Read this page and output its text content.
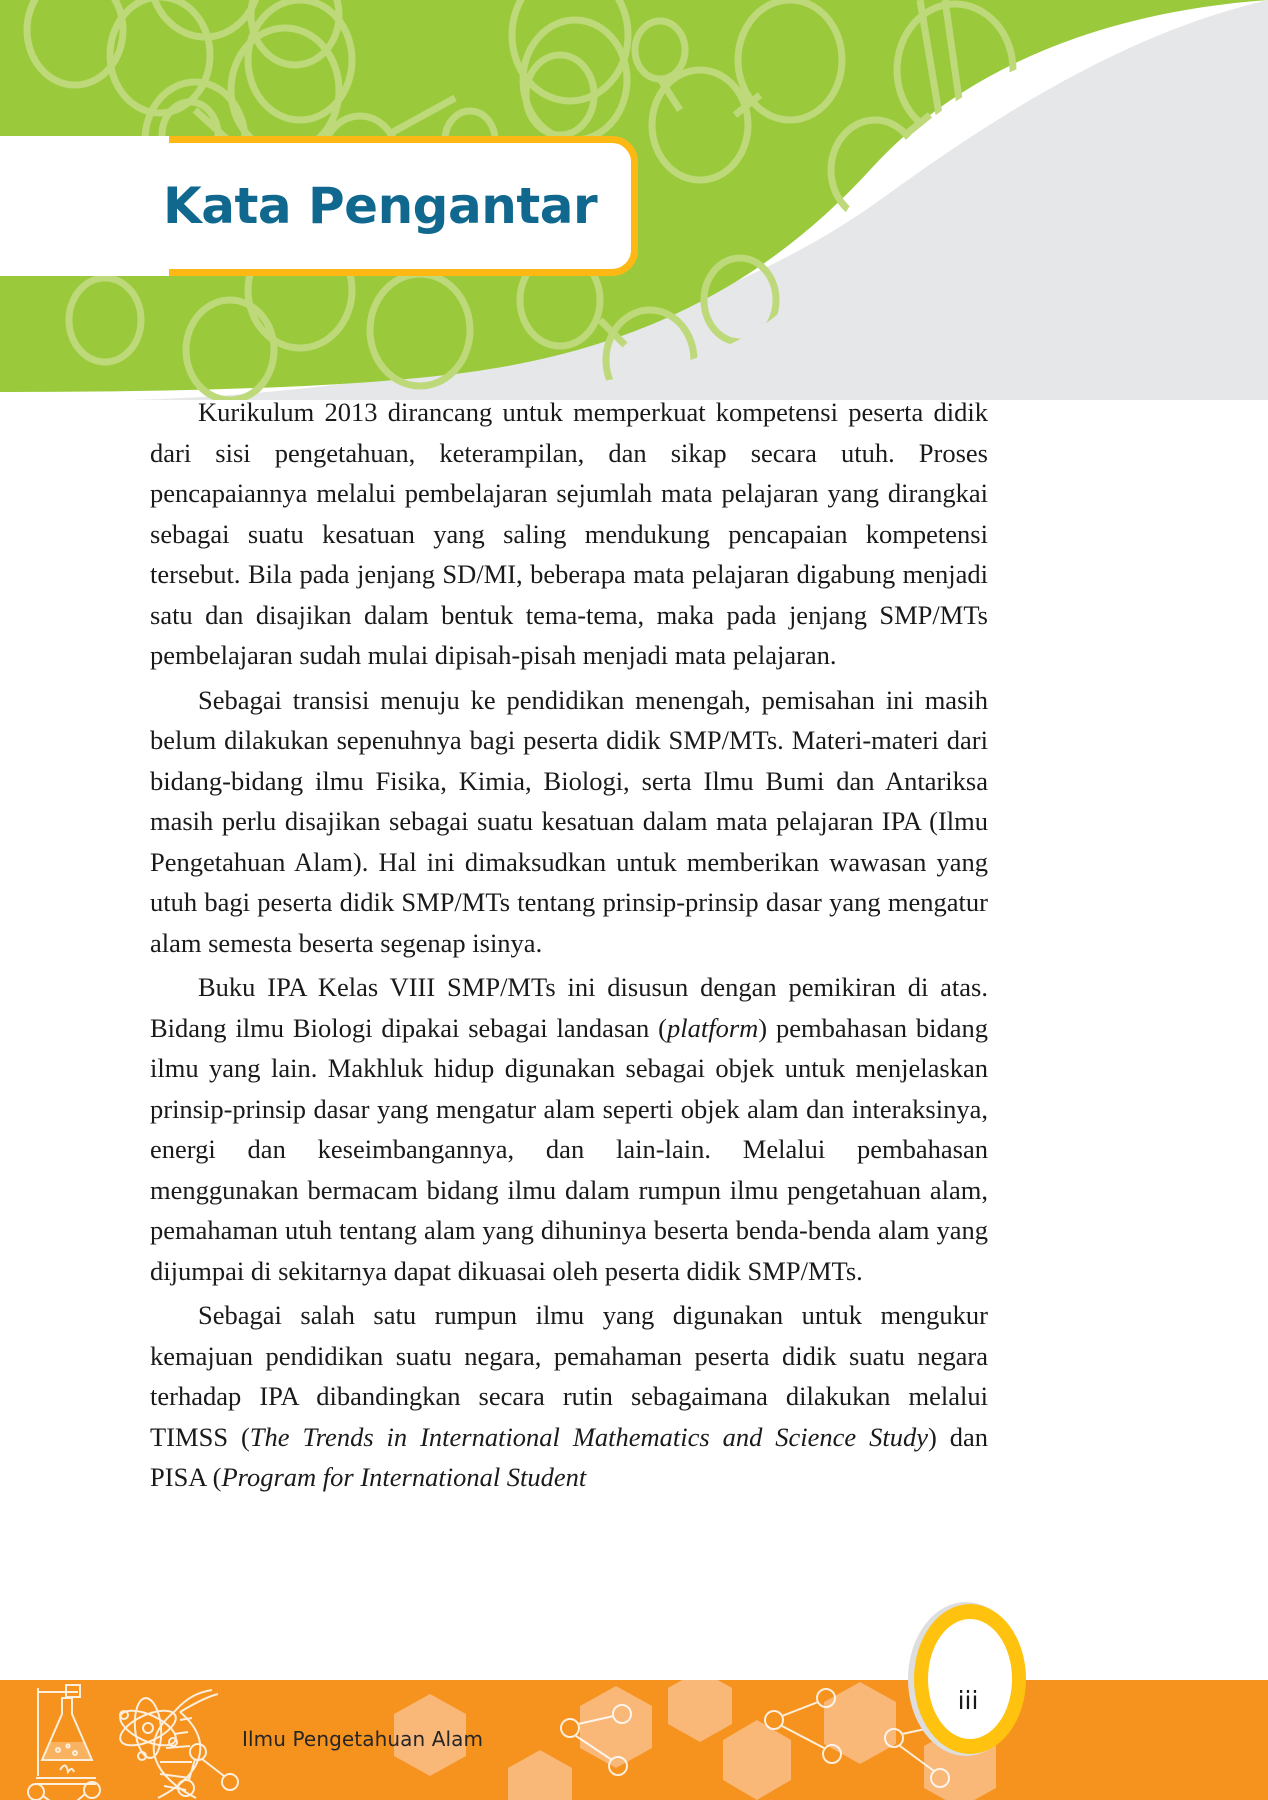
Kata Pengantar

Kurikulum 2013 dirancang untuk memperkuat kompetensi peserta didik dari sisi pengetahuan, keterampilan, dan sikap secara utuh. Proses pencapaiannya melalui pembelajaran sejumlah mata pelajaran yang dirangkai sebagai suatu kesatuan yang saling mendukung pencapaian kompetensi tersebut. Bila pada jenjang SD/MI, beberapa mata pelajaran digabung menjadi satu dan disajikan dalam bentuk tema-tema, maka pada jenjang SMP/MTs pembelajaran sudah mulai dipisah-pisah menjadi mata pelajaran.

Sebagai transisi menuju ke pendidikan menengah, pemisahan ini masih belum dilakukan sepenuhnya bagi peserta didik SMP/MTs. Materi-materi dari bidang-bidang ilmu Fisika, Kimia, Biologi, serta Ilmu Bumi dan Antariksa masih perlu disajikan sebagai suatu kesatuan dalam mata pelajaran IPA (Ilmu Pengetahuan Alam). Hal ini dimaksudkan untuk memberikan wawasan yang utuh bagi peserta didik SMP/MTs tentang prinsip-prinsip dasar yang mengatur alam semesta beserta segenap isinya.

Buku IPA Kelas VIII SMP/MTs ini disusun dengan pemikiran di atas. Bidang ilmu Biologi dipakai sebagai landasan (platform) pembahasan bidang ilmu yang lain. Makhluk hidup digunakan sebagai objek untuk menjelaskan prinsip-prinsip dasar yang mengatur alam seperti objek alam dan interaksinya, energi dan keseimbangannya, dan lain-lain. Melalui pembahasan menggunakan bermacam bidang ilmu dalam rumpun ilmu pengetahuan alam, pemahaman utuh tentang alam yang dihuninya beserta benda-benda alam yang dijumpai di sekitarnya dapat dikuasai oleh peserta didik SMP/MTs.

Sebagai salah satu rumpun ilmu yang digunakan untuk mengukur kemajuan pendidikan suatu negara, pemahaman peserta didik suatu negara terhadap IPA dibandingkan secara rutin sebagaimana dilakukan melalui TIMSS (The Trends in International Mathematics and Science Study) dan PISA (Program for International Student

Ilmu Pengetahuan Alam
iii
